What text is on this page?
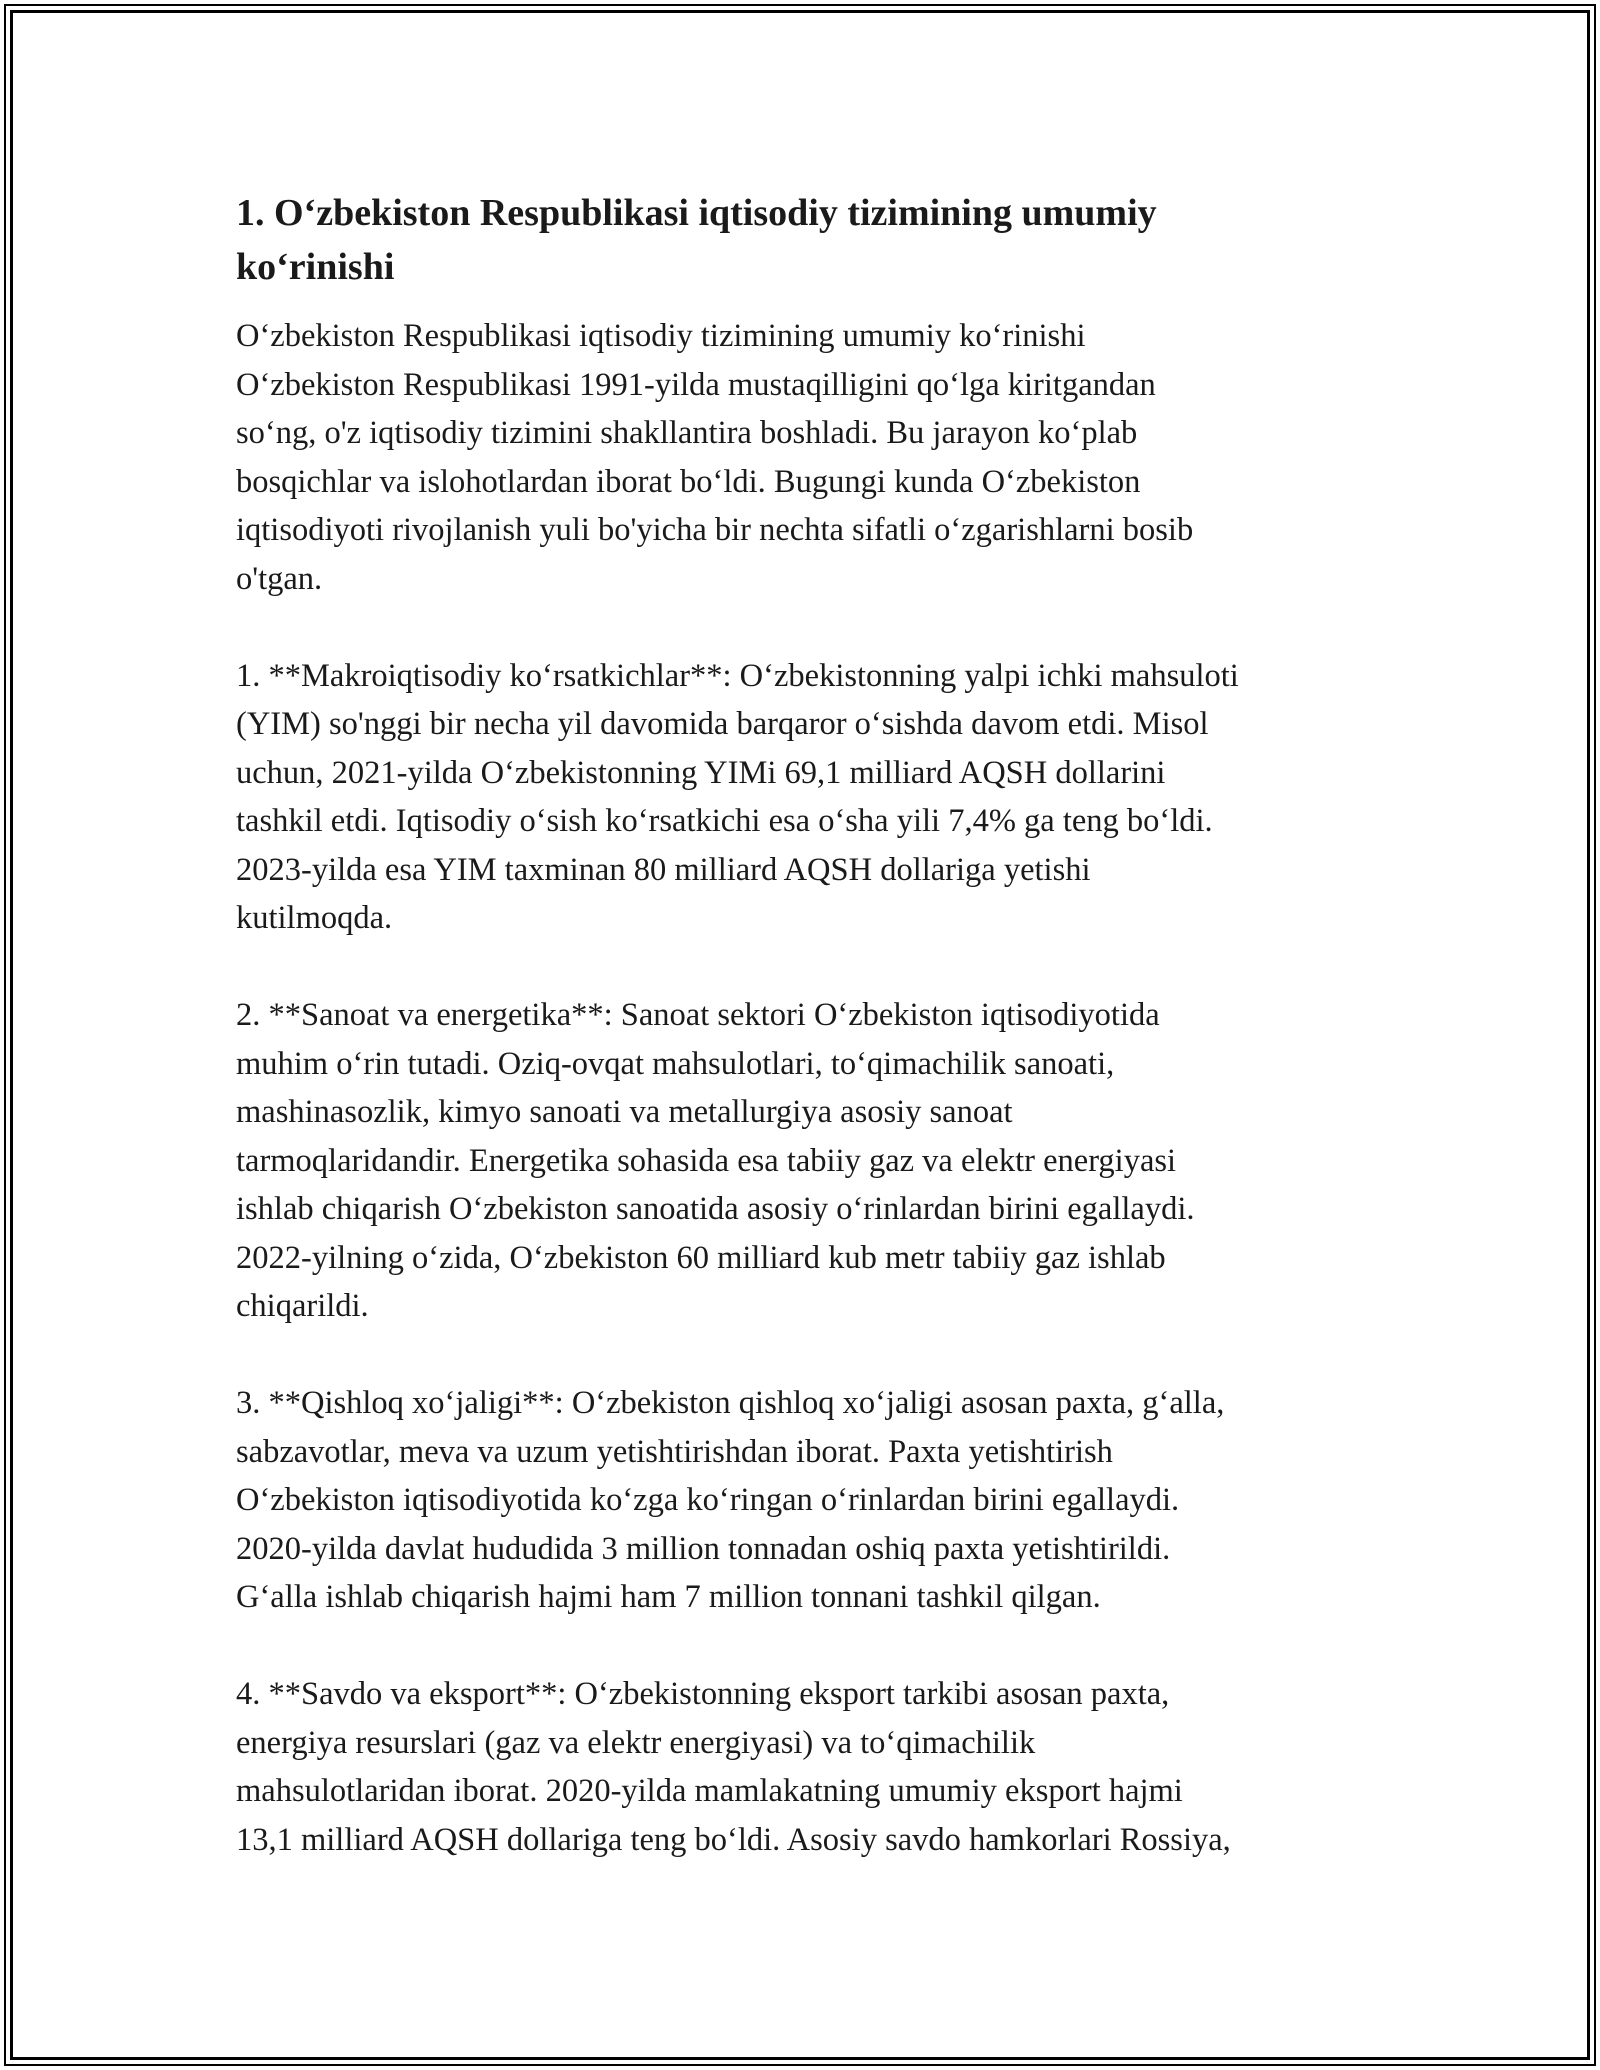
1. O‘zbekiston Respublikasi iqtisodiy tizimining umumiy ko‘rinishi

O‘zbekiston Respublikasi iqtisodiy tizimining umumiy ko‘rinishi
O‘zbekiston Respublikasi 1991-yilda mustaqilligini qo‘lga kiritgandan
so‘ng, o'z iqtisodiy tizimini shakllantira boshladi. Bu jarayon ko‘plab
bosqichlar va islohotlardan iborat bo‘ldi. Bugungi kunda O‘zbekiston
iqtisodiyoti rivojlanish yuli bo'yicha bir nechta sifatli o‘zgarishlarni bosib
o'tgan.

1. **Makroiqtisodiy ko‘rsatkichlar**: O‘zbekistonning yalpi ichki mahsuloti
(YIM) so'nggi bir necha yil davomida barqaror o‘sishda davom etdi. Misol
uchun, 2021-yilda O‘zbekistonning YIMi 69,1 milliard AQSH dollarini
tashkil etdi. Iqtisodiy o‘sish ko‘rsatkichi esa o‘sha yili 7,4% ga teng bo‘ldi.
2023-yilda esa YIM taxminan 80 milliard AQSH dollariga yetishi
kutilmoqda.

2. **Sanoat va energetika**: Sanoat sektori O‘zbekiston iqtisodiyotida
muhim o‘rin tutadi. Oziq-ovqat mahsulotlari, to‘qimachilik sanoati,
mashinasozlik, kimyo sanoati va metallurgiya asosiy sanoat
tarmoqlaridandir. Energetika sohasida esa tabiiy gaz va elektr energiyasi
ishlab chiqarish O‘zbekiston sanoatida asosiy o‘rinlardan birini egallaydi.
2022-yilning o‘zida, O‘zbekiston 60 milliard kub metr tabiiy gaz ishlab
chiqarildi.

3. **Qishloq xo‘jaligi**: O‘zbekiston qishloq xo‘jaligi asosan paxta, g‘alla,
sabzavotlar, meva va uzum yetishtirishdan iborat. Paxta yetishtirish
O‘zbekiston iqtisodiyotida ko‘zga ko‘ringan o‘rinlardan birini egallaydi.
2020-yilda davlat hududida 3 million tonnadan oshiq paxta yetishtirildi.
G‘alla ishlab chiqarish hajmi ham 7 million tonnani tashkil qilgan.

4. **Savdo va eksport**: O‘zbekistonning eksport tarkibi asosan paxta,
energiya resurslari (gaz va elektr energiyasi) va to‘qimachilik
mahsulotlaridan iborat. 2020-yilda mamlakatning umumiy eksport hajmi
13,1 milliard AQSH dollariga teng bo‘ldi. Asosiy savdo hamkorlari Rossiya,
